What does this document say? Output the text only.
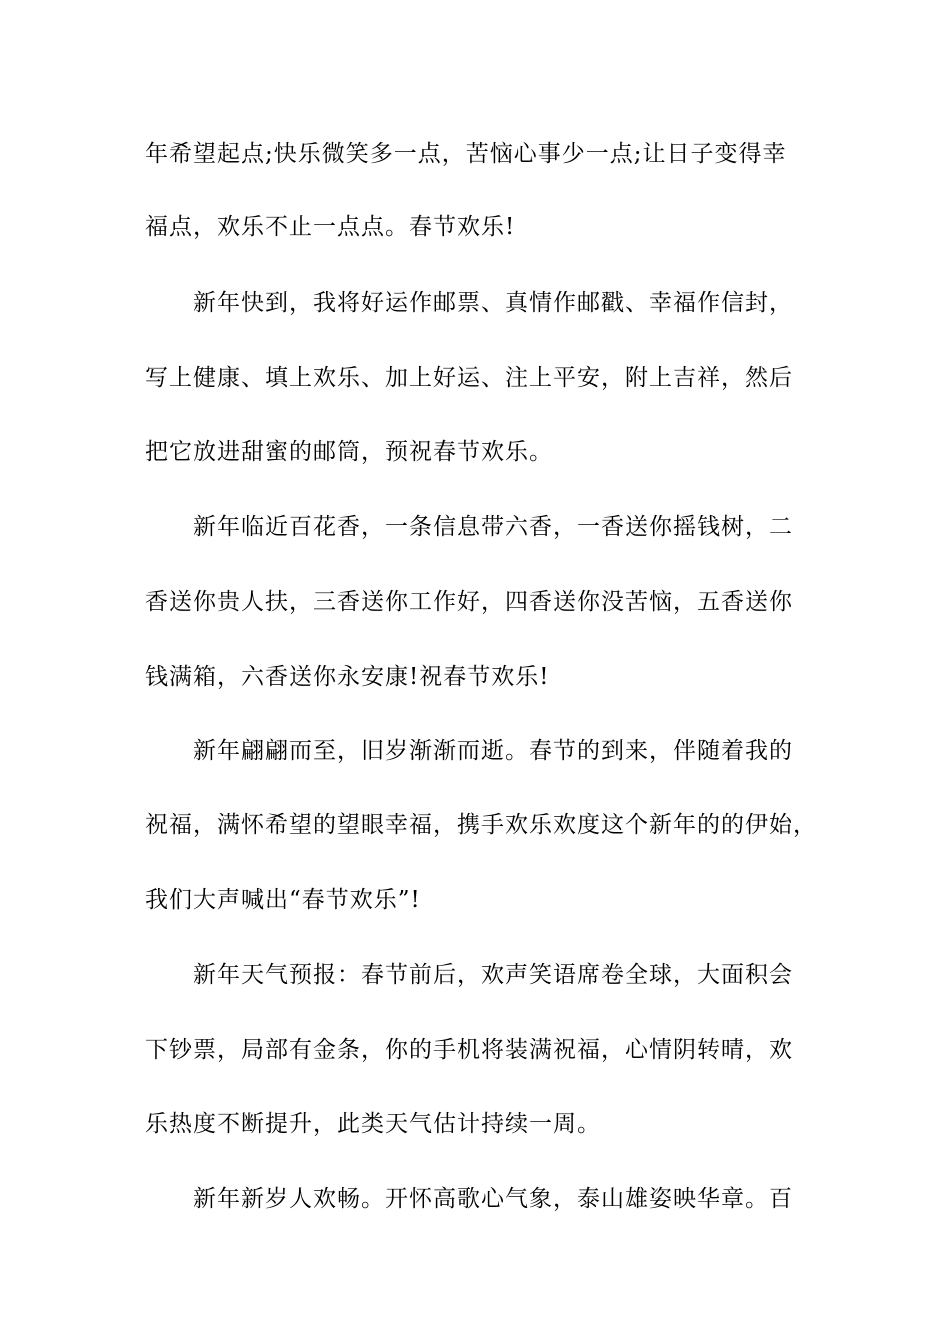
年希望起点;快乐微笑多一点，苦恼心事少一点;让日子变得幸
福点，欢乐不止一点点。春节欢乐!
新年快到，我将好运作邮票、真情作邮戳、幸福作信封，
写上健康、填上欢乐、加上好运、注上平安，附上吉祥，然后
把它放进甜蜜的邮筒，预祝春节欢乐。
新年临近百花香，一条信息带六香，一香送你摇钱树，二
香送你贵人扶，三香送你工作好，四香送你没苦恼，五香送你
钱满箱，六香送你永安康!祝春节欢乐!
新年翩翩而至，旧岁渐渐而逝。春节的到来，伴随着我的
祝福，满怀希望的望眼幸福，携手欢乐欢度这个新年的的伊始，
我们大声喊出“春节欢乐”!
新年天气预报：春节前后，欢声笑语席卷全球，大面积会
下钞票，局部有金条，你的手机将装满祝福，心情阴转晴，欢
乐热度不断提升，此类天气估计持续一周。
新年新岁人欢畅。开怀高歌心气象，泰山雄姿映华章。百
